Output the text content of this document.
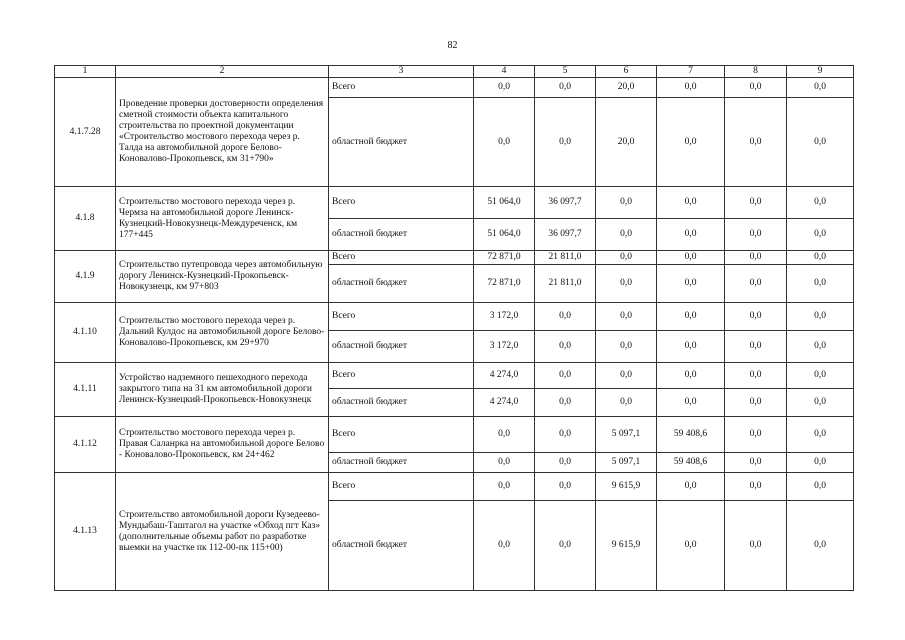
82
1	2	3	4	5	6	7	8	9
4.1.7.28	Проведение проверки достоверности определения сметной стоимости объекта капитального строительства по проектной документации «Строительство мостового перехода через р. Талда на автомобильной дороге Белово-Коновалово-Прокопьевск, км 31+790»	Всего	0,0	0,0	20,0	0,0	0,0	0,0
		областной бюджет	0,0	0,0	20,0	0,0	0,0	0,0
4.1.8	Строительство мостового перехода через р. Чермза на автомобильной дороге Ленинск-Кузнецкий-Новокузнецк-Междуреченск, км 177+445	Всего	51 064,0	36 097,7	0,0	0,0	0,0	0,0
		областной бюджет	51 064,0	36 097,7	0,0	0,0	0,0	0,0
4.1.9	Строительство путепровода через автомобильную дорогу Ленинск-Кузнецкий-Прокопьевск-Новокузнецк, км 97+803	Всего	72 871,0	21 811,0	0,0	0,0	0,0	0,0
		областной бюджет	72 871,0	21 811,0	0,0	0,0	0,0	0,0
4.1.10	Строительство мостового перехода через р. Дальний Кулдос на автомобильной дороге Белово-Коновалово-Прокопьевск, км 29+970	Всего	3 172,0	0,0	0,0	0,0	0,0	0,0
		областной бюджет	3 172,0	0,0	0,0	0,0	0,0	0,0
4.1.11	Устройство надземного пешеходного перехода закрытого типа на 31 км автомобильной дороги Ленинск-Кузнецкий-Прокопьевск-Новокузнецк	Всего	4 274,0	0,0	0,0	0,0	0,0	0,0
		областной бюджет	4 274,0	0,0	0,0	0,0	0,0	0,0
4.1.12	Строительство мостового перехода через р. Правая Саланрка на автомобильной дороге Белово - Коновалово-Прокопьевск, км 24+462	Всего	0,0	0,0	5 097,1	59 408,6	0,0	0,0
		областной бюджет	0,0	0,0	5 097,1	59 408,6	0,0	0,0
4.1.13	Строительство автомобильной дороги Кузедеево-Мундыбаш-Таштагол на участке «Обход пгт Каз» (дополнительные объемы работ по разработке выемки на участке пк 112-00-пк 115+00)	Всего	0,0	0,0	9 615,9	0,0	0,0	0,0
		областной бюджет	0,0	0,0	9 615,9	0,0	0,0	0,0
